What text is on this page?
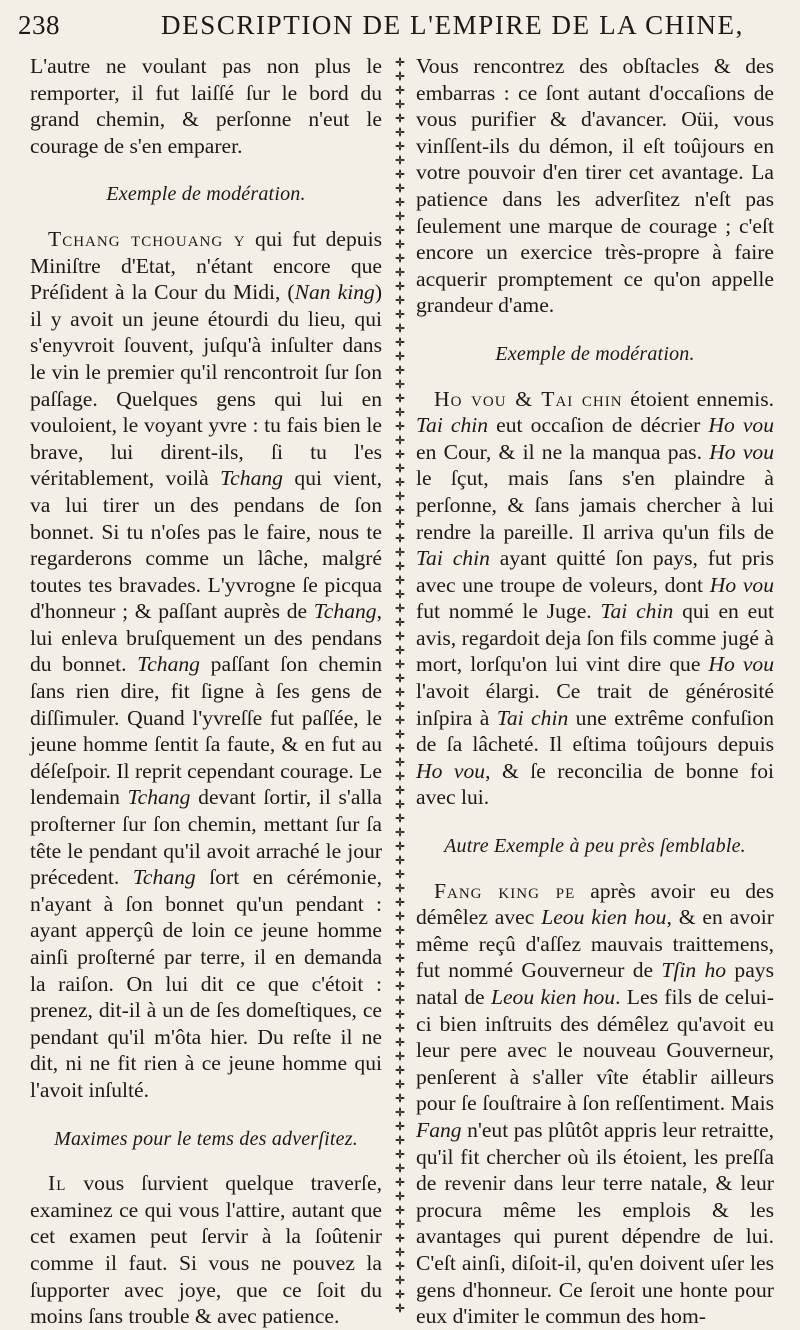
238	DESCRIPTION DE L'EMPIRE DE LA CHINE,

L'autre ne voulant pas non plus le remporter, il fut laiſſé ſur le bord du grand chemin, & perſonne n'eut le courage de s'en emparer.

Exemple de modération.

Tchang tchouang y qui fut depuis Miniſtre d'Etat, n'étant encore que Préſident à la Cour du Midi, (Nan king) il y avoit un jeune étourdi du lieu, qui s'enyvroit ſouvent, juſqu'à inſulter dans le vin le premier qu'il rencontroit ſur ſon paſſage. Quelques gens qui lui en vouloient, le voyant yvre : tu fais bien le brave, lui dirent-ils, ſi tu l'es véritablement, voilà Tchang qui vient, va lui tirer un des pendans de ſon bonnet. Si tu n'oſes pas le faire, nous te regarderons comme un lâche, malgré toutes tes bravades. L'yvrogne ſe picqua d'honneur ; & paſſant auprès de Tchang, lui enleva bruſquement un des pendans du bonnet. Tchang paſſant ſon chemin ſans rien dire, fit ſigne à ſes gens de diſſimuler. Quand l'yvreſſe fut paſſée, le jeune homme ſentit ſa faute, & en fut au déſeſpoir. Il reprit cependant courage. Le lendemain Tchang devant ſortir, il s'alla proſterner ſur ſon chemin, mettant ſur ſa tête le pendant qu'il avoit arraché le jour précedent. Tchang ſort en cérémonie, n'ayant à ſon bonnet qu'un pendant : ayant apperçû de loin ce jeune homme ainſi proſterné par terre, il en demanda la raiſon. On lui dit ce que c'étoit : prenez, dit-il à un de ſes domeſtiques, ce pendant qu'il m'ôta hier. Du reſte il ne dit, ni ne fit rien à ce jeune homme qui l'avoit inſulté.

Maximes pour le tems des adverſitez.

Il vous ſurvient quelque traverſe, examinez ce qui vous l'attire, autant que cet examen peut ſervir à la ſoûtenir comme il faut. Si vous ne pouvez la ſupporter avec joye, que ce ſoit du moins ſans trouble & avec patience.

Vous rencontrez des obſtacles & des embarras : ce ſont autant d'occaſions de vous purifier & d'avancer. Oüi, vous vinſſent-ils du démon, il eſt toûjours en votre pouvoir d'en tirer cet avantage. La patience dans les adverſitez n'eſt pas ſeulement une marque de courage ; c'eſt encore un exercice très-propre à faire acquerir promptement ce qu'on appelle grandeur d'ame.

Exemple de modération.

Ho vou & Tai chin étoient ennemis. Tai chin eut occaſion de décrier Ho vou en Cour, & il ne la manqua pas. Ho vou le ſçut, mais ſans s'en plaindre à perſonne, & ſans jamais chercher à lui rendre la pareille. Il arriva qu'un fils de Tai chin ayant quitté ſon pays, fut pris avec une troupe de voleurs, dont Ho vou fut nommé le Juge. Tai chin qui en eut avis, regardoit deja ſon fils comme jugé à mort, lorſqu'on lui vint dire que Ho vou l'avoit élargi. Ce trait de générosité inſpira à Tai chin une extrême confuſion de ſa lâcheté. Il eſtima toûjours depuis Ho vou, & ſe reconcilia de bonne foi avec lui.

Autre Exemple à peu près ſemblable.

Fang king pe après avoir eu des démêlez avec Leou kien hou, & en avoir même reçû d'aſſez mauvais traittemens, fut nommé Gouverneur de Tſin ho pays natal de Leou kien hou. Les fils de celui-ci bien inſtruits des démêlez qu'avoit eu leur pere avec le nouveau Gouverneur, penſerent à s'aller vîte établir ailleurs pour ſe ſouſtraire à ſon reſſentiment. Mais Fang n'eut pas plûtôt appris leur retraitte, qu'il fit chercher où ils étoient, les preſſa de revenir dans leur terre natale, & leur procura même les emplois & les avantages qui purent dépendre de lui. C'eſt ainſi, diſoit-il, qu'en doivent uſer les gens d'honneur. Ce ſeroit une honte pour eux d'imiter le commun des hom-
